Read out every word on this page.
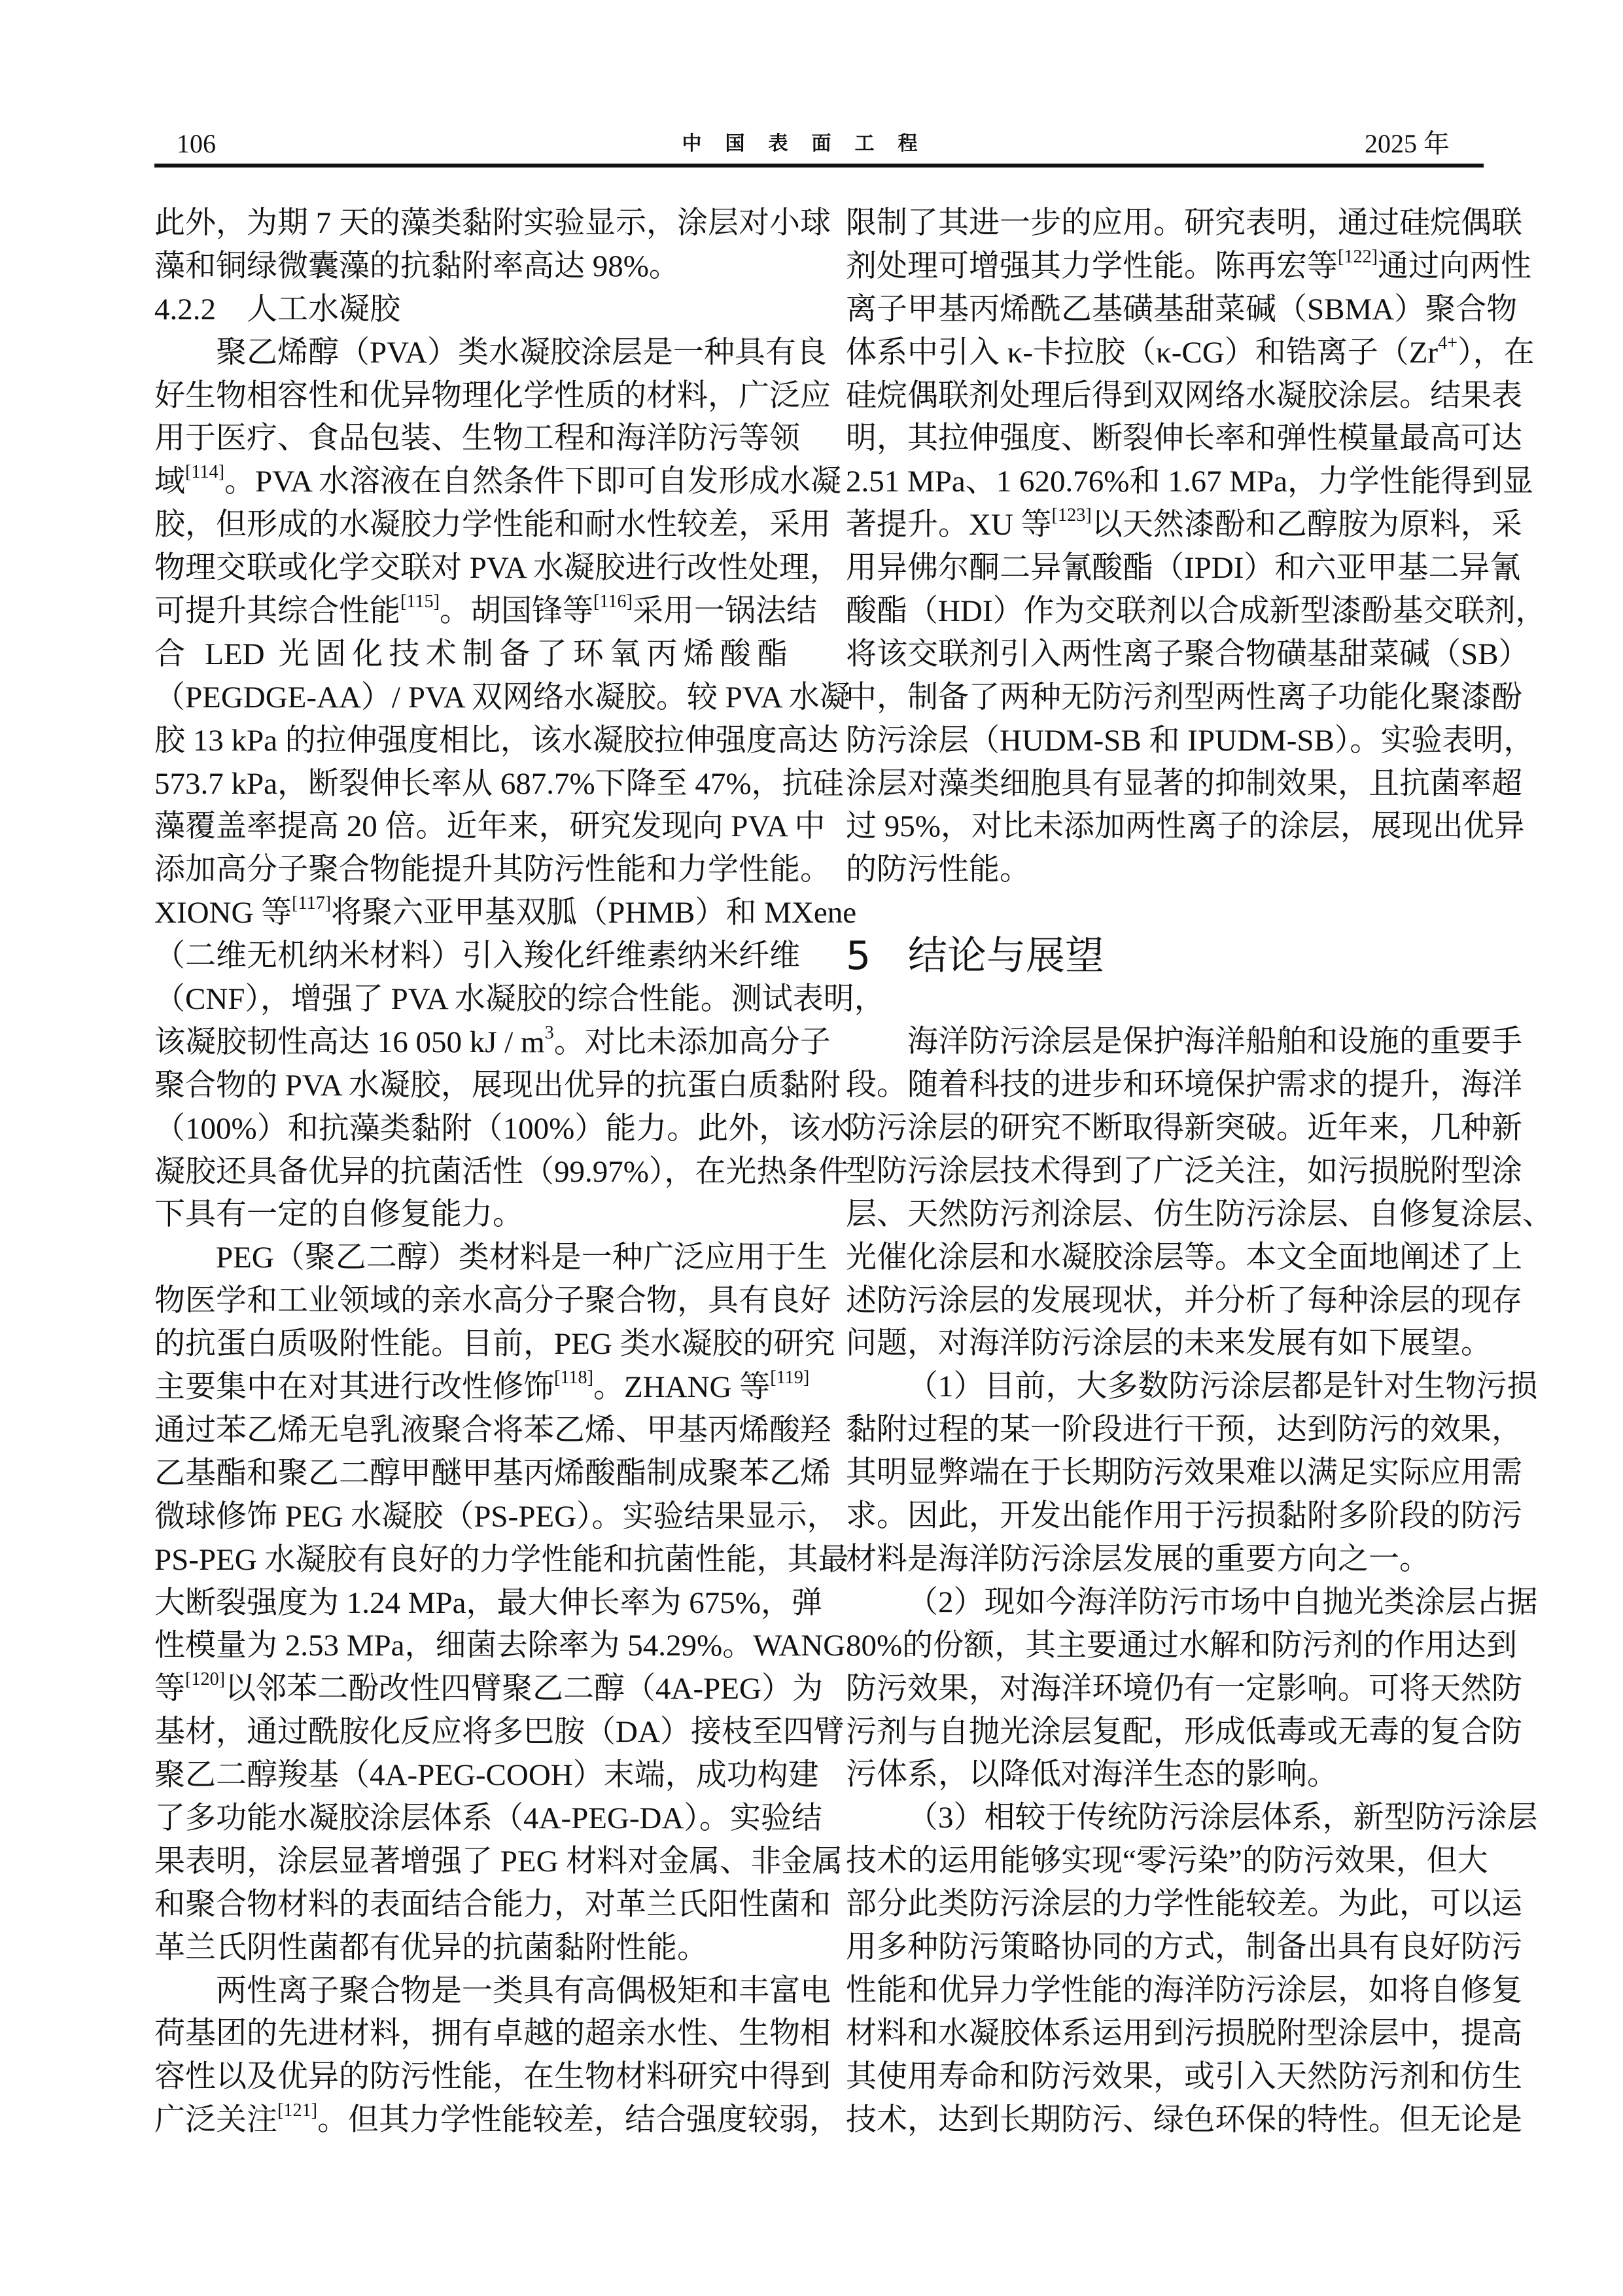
106	中国表面工程	2025 年
此外，为期 7 天的藻类黏附实验显示，涂层对小球
藻和铜绿微囊藻的抗黏附率高达 98%。
4.2.2　人工水凝胶
聚乙烯醇（PVA）类水凝胶涂层是一种具有良
好生物相容性和优异物理化学性质的材料，广泛应
用于医疗、食品包装、生物工程和海洋防污等领
域[114]。PVA 水溶液在自然条件下即可自发形成水凝
胶，但形成的水凝胶力学性能和耐水性较差，采用
物理交联或化学交联对 PVA 水凝胶进行改性处理，
可提升其综合性能[115]。胡国锋等[116]采用一锅法结
合 LED 光固化技术制备了环氧丙烯酸酯
（PEGDGE-AA）/ PVA 双网络水凝胶。较 PVA 水凝
胶 13 kPa 的拉伸强度相比，该水凝胶拉伸强度高达
573.7 kPa，断裂伸长率从 687.7%下降至 47%，抗硅
藻覆盖率提高 20 倍。近年来，研究发现向 PVA 中
添加高分子聚合物能提升其防污性能和力学性能。
XIONG 等[117]将聚六亚甲基双胍（PHMB）和 MXene
（二维无机纳米材料）引入羧化纤维素纳米纤维
（CNF），增强了 PVA 水凝胶的综合性能。测试表明，
该凝胶韧性高达 16 050 kJ / $m^3$。对比未添加高分子
聚合物的 PVA 水凝胶，展现出优异的抗蛋白质黏附
（100%）和抗藻类黏附（100%）能力。此外，该水
凝胶还具备优异的抗菌活性（99.97%），在光热条件
下具有一定的自修复能力。
PEG（聚乙二醇）类材料是一种广泛应用于生
物医学和工业领域的亲水高分子聚合物，具有良好
的抗蛋白质吸附性能。目前，PEG 类水凝胶的研究
主要集中在对其进行改性修饰[118]。ZHANG 等[119]
通过苯乙烯无皂乳液聚合将苯乙烯、甲基丙烯酸羟
乙基酯和聚乙二醇甲醚甲基丙烯酸酯制成聚苯乙烯
微球修饰 PEG 水凝胶（PS-PEG）。实验结果显示，
PS-PEG 水凝胶有良好的力学性能和抗菌性能，其最
大断裂强度为 1.24 MPa，最大伸长率为 675%，弹
性模量为 2.53 MPa，细菌去除率为 54.29%。WANG
等[120]以邻苯二酚改性四臂聚乙二醇（4A-PEG）为
基材，通过酰胺化反应将多巴胺（DA）接枝至四臂
聚乙二醇羧基（4A-PEG-COOH）末端，成功构建
了多功能水凝胶涂层体系（4A-PEG-DA）。实验结
果表明，涂层显著增强了 PEG 材料对金属、非金属
和聚合物材料的表面结合能力，对革兰氏阳性菌和
革兰氏阴性菌都有优异的抗菌黏附性能。
两性离子聚合物是一类具有高偶极矩和丰富电
荷基团的先进材料，拥有卓越的超亲水性、生物相
容性以及优异的防污性能，在生物材料研究中得到
广泛关注[121]。但其力学性能较差，结合强度较弱，
限制了其进一步的应用。研究表明，通过硅烷偶联
剂处理可增强其力学性能。陈再宏等[122]通过向两性
离子甲基丙烯酰乙基磺基甜菜碱（SBMA）聚合物
体系中引入 κ-卡拉胶（κ-CG）和锆离子$(Zr^{4+})$，在
硅烷偶联剂处理后得到双网络水凝胶涂层。结果表
明，其拉伸强度、断裂伸长率和弹性模量最高可达
2.51 MPa、1 620.76%和 1.67 MPa，力学性能得到显
著提升。XU 等[123]以天然漆酚和乙醇胺为原料，采
用异佛尔酮二异氰酸酯（IPDI）和六亚甲基二异氰
酸酯（HDI）作为交联剂以合成新型漆酚基交联剂，
将该交联剂引入两性离子聚合物磺基甜菜碱（SB）
中，制备了两种无防污剂型两性离子功能化聚漆酚
防污涂层（HUDM-SB 和 IPUDM-SB）。实验表明，
涂层对藻类细胞具有显著的抑制效果，且抗菌率超
过 95%，对比未添加两性离子的涂层，展现出优异
的防污性能。
5 结论与展望
海洋防污涂层是保护海洋船舶和设施的重要手
段。随着科技的进步和环境保护需求的提升，海洋
防污涂层的研究不断取得新突破。近年来，几种新
型防污涂层技术得到了广泛关注，如污损脱附型涂
层、天然防污剂涂层、仿生防污涂层、自修复涂层、
光催化涂层和水凝胶涂层等。本文全面地阐述了上
述防污涂层的发展现状，并分析了每种涂层的现存
问题，对海洋防污涂层的未来发展有如下展望。
（1）目前，大多数防污涂层都是针对生物污损
黏附过程的某一阶段进行干预，达到防污的效果，
其明显弊端在于长期防污效果难以满足实际应用需
求。因此，开发出能作用于污损黏附多阶段的防污
材料是海洋防污涂层发展的重要方向之一。
（2）现如今海洋防污市场中自抛光类涂层占据
80%的份额，其主要通过水解和防污剂的作用达到
防污效果，对海洋环境仍有一定影响。可将天然防
污剂与自抛光涂层复配，形成低毒或无毒的复合防
污体系，以降低对海洋生态的影响。
（3）相较于传统防污涂层体系，新型防污涂层
技术的运用能够实现“零污染”的防污效果，但大
部分此类防污涂层的力学性能较差。为此，可以运
用多种防污策略协同的方式，制备出具有良好防污
性能和优异力学性能的海洋防污涂层，如将自修复
材料和水凝胶体系运用到污损脱附型涂层中，提高
其使用寿命和防污效果，或引入天然防污剂和仿生
技术，达到长期防污、绿色环保的特性。但无论是
